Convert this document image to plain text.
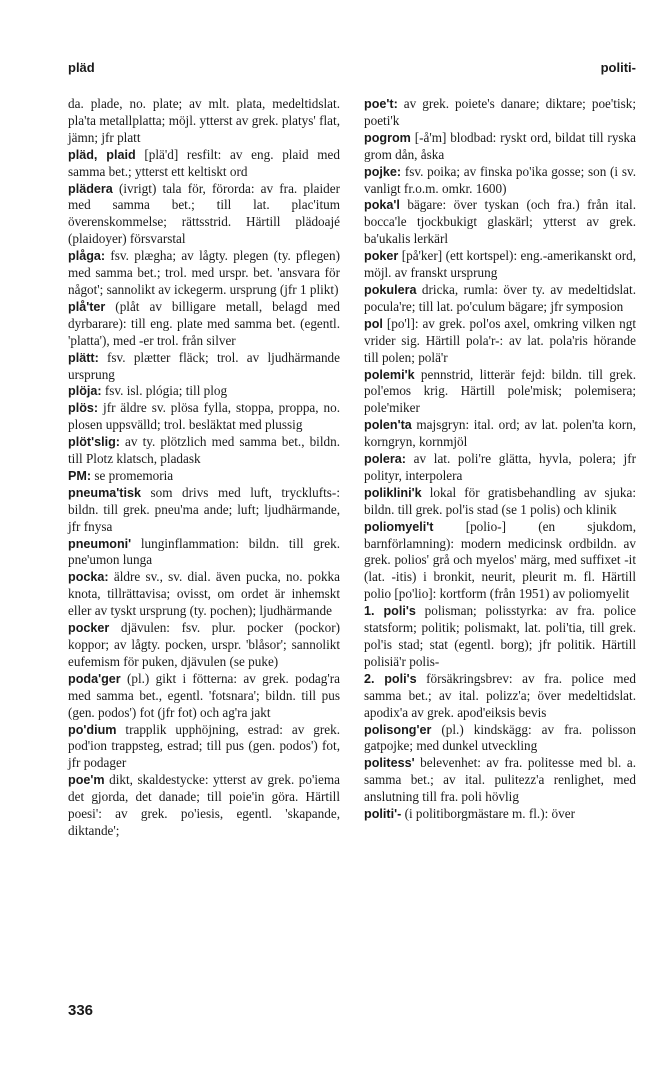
pläd	politi-

da. plade, no. plate; av mlt. plata, medeltidslat. pla'ta metallplatta; möjl. ytterst av grek. platys' flat, jämn; jfr platt

pläd, plaid [plä'd] resfilt: av eng. plaid med samma bet.; ytterst ett keltiskt ord

plädera (ivrigt) tala för, förorda: av fra. plaider med samma bet.; till lat. plac'itum överenskommelse; rättsstrid. Härtill plädoajé (plaidoyer) försvarstal

plåga: fsv. plægha; av lågty. plegen (ty. pflegen) med samma bet.; trol. med urspr. bet. 'ansvara för något'; sannolikt av ickegerm. ursprung (jfr 1 plikt)

plå'ter (plåt av billigare metall, belagd med dyrbarare): till eng. plate med samma bet. (egentl. 'platta'), med -er trol. från silver

plätt: fsv. plætter fläck; trol. av ljudhärmande ursprung

plöja: fsv. isl. plógia; till plog

plös: jfr äldre sv. plösa fylla, stoppa, proppa, no. plosen uppsvälld; trol. besläktat med plussig

plöt'slig: av ty. plötzlich med samma bet., bildn. till Plotz klatsch, pladask

PM: se promemoria

pneuma'tisk som drivs med luft, trycklufts-: bildn. till grek. pneu'ma ande; luft; ljudhärmande, jfr fnysa

pneumoni' lunginflammation: bildn. till grek. pne'umon lunga

pocka: äldre sv., sv. dial. även pucka, no. pokka knota, tillrättavisa; ovisst, om ordet är inhemskt eller av tyskt ursprung (ty. pochen); ljudhärmande

pocker djävulen: fsv. plur. pocker (pockor) koppor; av lågty. pocken, urspr. 'blåsor'; sannolikt eufemism för puken, djävulen (se puke)

poda'ger (pl.) gikt i fötterna: av grek. podag'ra med samma bet., egentl. 'fotsnara'; bildn. till pus (gen. podos') fot (jfr fot) och ag'ra jakt

po'dium trapplik upphöjning, estrad: av grek. pod'ion trappsteg, estrad; till pus (gen. podos') fot, jfr podager

poe'm dikt, skaldestycke: ytterst av grek. po'iema det gjorda, det danade; till poie'in göra. Härtill poesi': av grek. po'iesis, egentl. 'skapande, diktande';

poe't: av grek. poiete's danare; diktare; poe'tisk; poeti'k

pogrom [-å'm] blodbad: ryskt ord, bildat till ryska grom dån, åska

pojke: fsv. poika; av finska po'ika gosse; son (i sv. vanligt fr.o.m. omkr. 1600)

poka'l bägare: över tyskan (och fra.) från ital. bocca'le tjockbukigt glaskärl; ytterst av grek. ba'ukalis lerkärl

poker [på'ker] (ett kortspel): eng.-amerikanskt ord, möjl. av franskt ursprung

pokulera dricka, rumla: över ty. av medeltidslat. pocula're; till lat. po'culum bägare; jfr symposion

pol [po'l]: av grek. pol'os axel, omkring vilken ngt vrider sig. Härtill pola'r-: av lat. pola'ris hörande till polen; polä'r

polemi'k pennstrid, litterär fejd: bildn. till grek. pol'emos krig. Härtill pole'misk; polemisera; pole'miker

polen'ta majsgryn: ital. ord; av lat. polen'ta korn, korngryn, kornmjöl

polera: av lat. poli're glätta, hyvla, polera; jfr polityr, interpolera

poliklini'k lokal för gratisbehandling av sjuka: bildn. till grek. pol'is stad (se 1 polis) och klinik

poliomyeli't [polio-] (en sjukdom, barnförlamning): modern medicinsk ordbildn. av grek. polios' grå och myelos' märg, med suffixet -it (lat. -itis) i bronkit, neurit, pleurit m. fl. Härtill polio [po'lio]: kortform (från 1951) av poliomyelit

1. poli's polisman; polisstyrka: av fra. police statsform; politik; polismakt, lat. poli'tia, till grek. pol'is stad; stat (egentl. borg); jfr politik. Härtill polisiä'r polis-

2. poli's försäkringsbrev: av fra. police med samma bet.; av ital. polizz'a; över medeltidslat. apodix'a av grek. apod'eiksis bevis

polisong'er (pl.) kindskägg: av fra. polisson gatpojke; med dunkel utveckling

politess' belevenhet: av fra. politesse med bl. a. samma bet.; av ital. pulitezz'a renlighet, med anslutning till fra. poli hövlig

politi'- (i politiborgmästare m. fl.): över

336
